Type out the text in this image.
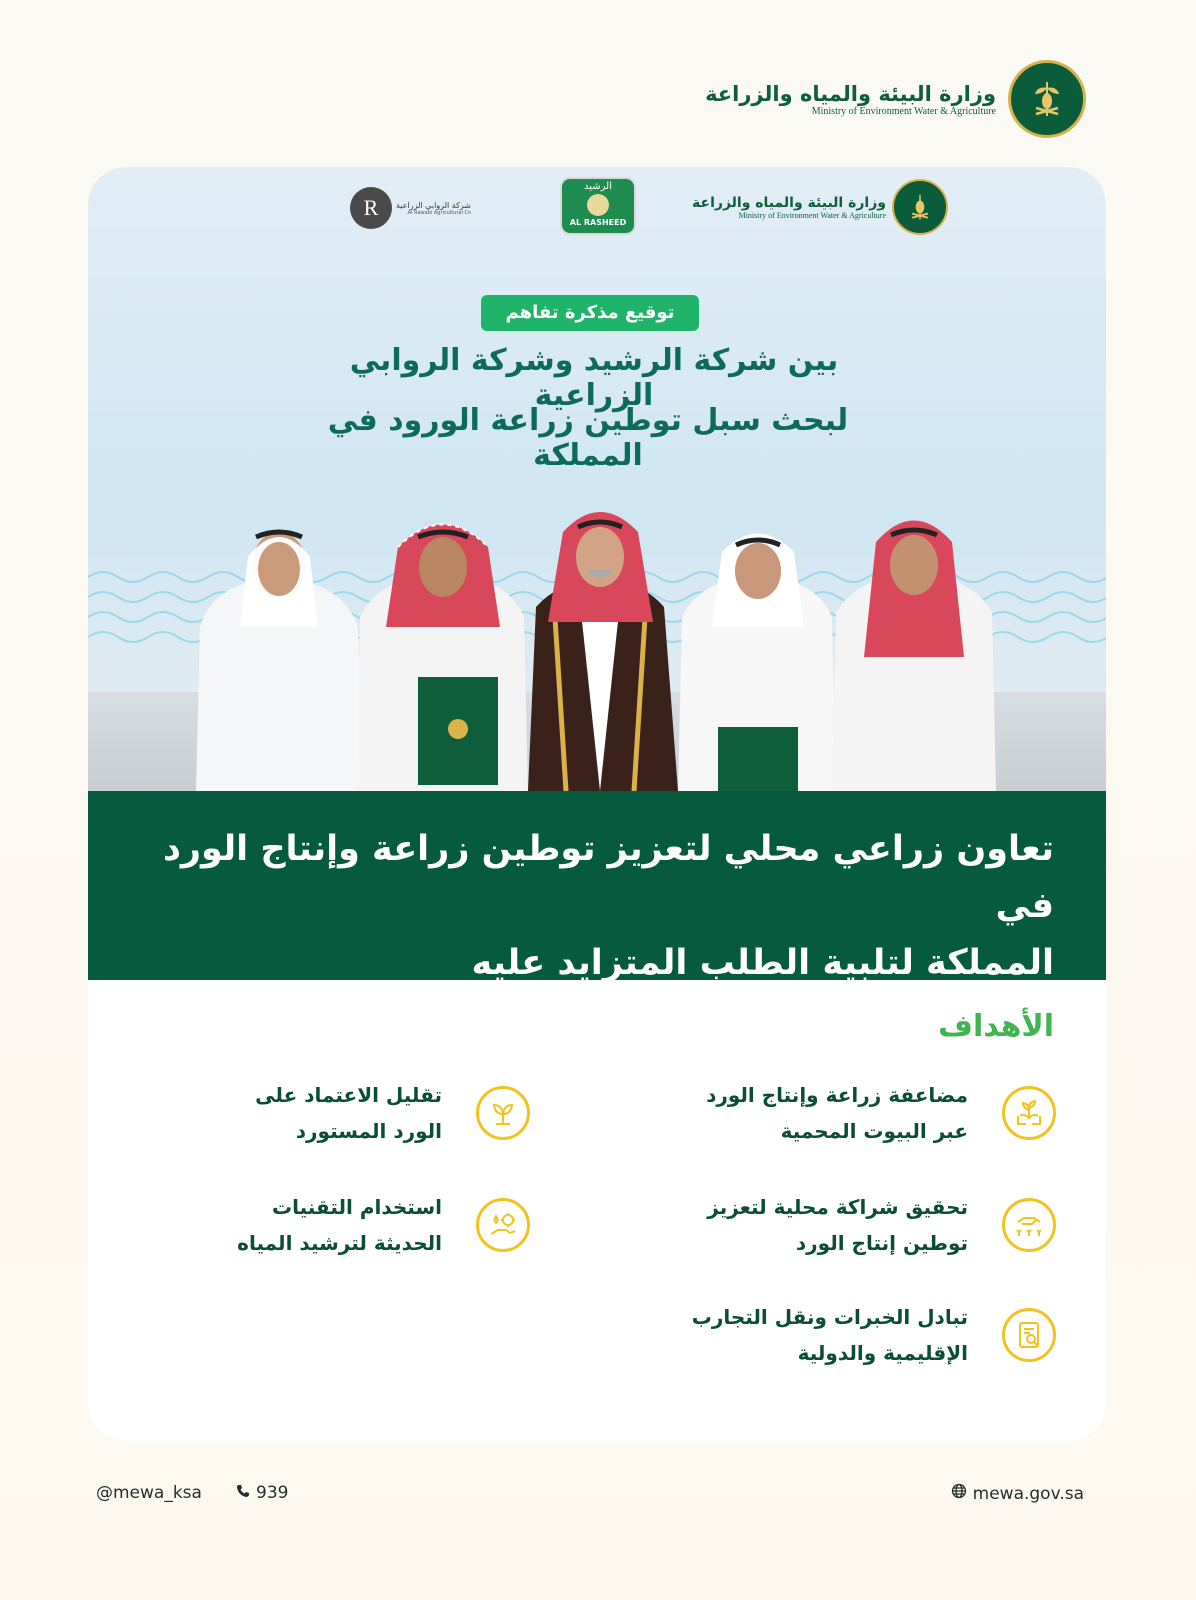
وزارة البيئة والمياه والزراعة
Ministry of Environment Water & Agriculture
وزارة البيئة والمياه والزراعة
Ministry of Environment Water & Agriculture
الرشيد
AL RASHEED
R	شركة الروابي الزراعية
Al Rawabi Agricultural Co.
توقيع مذكرة تفاهم
بين شركة الرشيد وشركة الروابي الزراعية
لبحث سبل توطين زراعة الورود في المملكة
تعاون زراعي محلي لتعزيز توطين زراعة وإنتاج الورد في
المملكة لتلبية الطلب المتزايد عليه
الأهداف
مضاعفة زراعة وإنتاج الورد
عبر البيوت المحمية
تحقيق شراكة محلية لتعزيز
توطين إنتاج الورد
تبادل الخبرات ونقل التجارب
الإقليمية والدولية
تقليل الاعتماد على
الورد المستورد
استخدام التقنيات
الحديثة لترشيد المياه
@mewa_ksa	939	mewa.gov.sa
